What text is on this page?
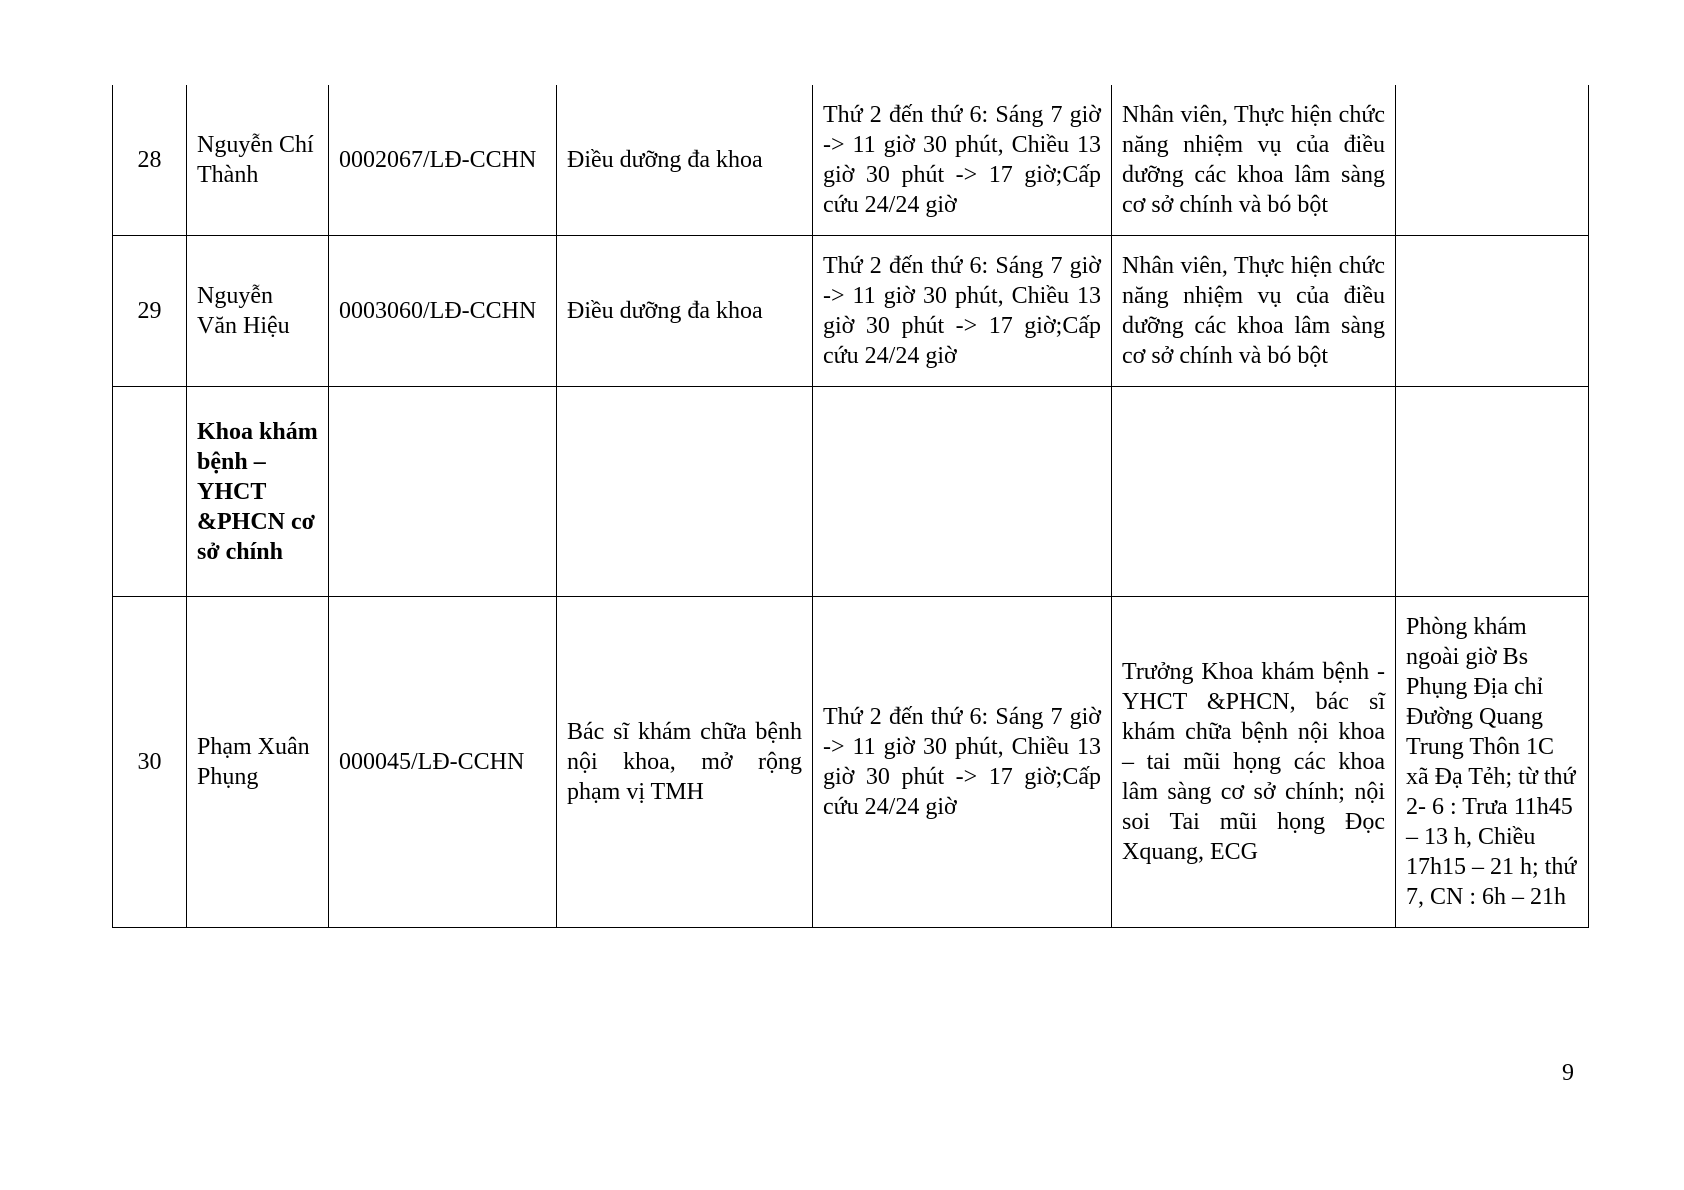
28	Nguyễn Chí Thành	0002067/LĐ-CCHN	Điều dưỡng đa khoa	Thứ 2 đến thứ 6: Sáng 7 giờ -> 11 giờ 30 phút, Chiều 13 giờ 30 phút -> 17 giờ;Cấp cứu 24/24 giờ	Nhân viên, Thực hiện chức năng nhiệm vụ của điều dưỡng các khoa lâm sàng cơ sở chính và bó bột	
29	Nguyễn Văn Hiệu	0003060/LĐ-CCHN	Điều dưỡng đa khoa	Thứ 2 đến thứ 6: Sáng 7 giờ -> 11 giờ 30 phút, Chiều 13 giờ 30 phút -> 17 giờ;Cấp cứu 24/24 giờ	Nhân viên, Thực hiện chức năng nhiệm vụ của điều dưỡng các khoa lâm sàng cơ sở chính và bó bột	
	Khoa khám bệnh – YHCT &PHCN cơ sở chính					
30	Phạm Xuân Phụng	000045/LĐ-CCHN	Bác sĩ khám chữa bệnh nội khoa, mở rộng phạm vị TMH	Thứ 2 đến thứ 6: Sáng 7 giờ -> 11 giờ 30 phút, Chiều 13 giờ 30 phút -> 17 giờ;Cấp cứu 24/24 giờ	Trưởng Khoa khám bệnh - YHCT &PHCN, bác sĩ khám chữa bệnh nội khoa – tai mũi họng các khoa lâm sàng cơ sở chính; nội soi Tai mũi họng Đọc Xquang, ECG	Phòng khám ngoài giờ Bs Phụng Địa chỉ Đường Quang Trung Thôn 1C xã Đạ Tẻh; từ thứ 2- 6 : Trưa 11h45 – 13 h, Chiều 17h15 – 21 h; thứ 7, CN : 6h – 21h
9
